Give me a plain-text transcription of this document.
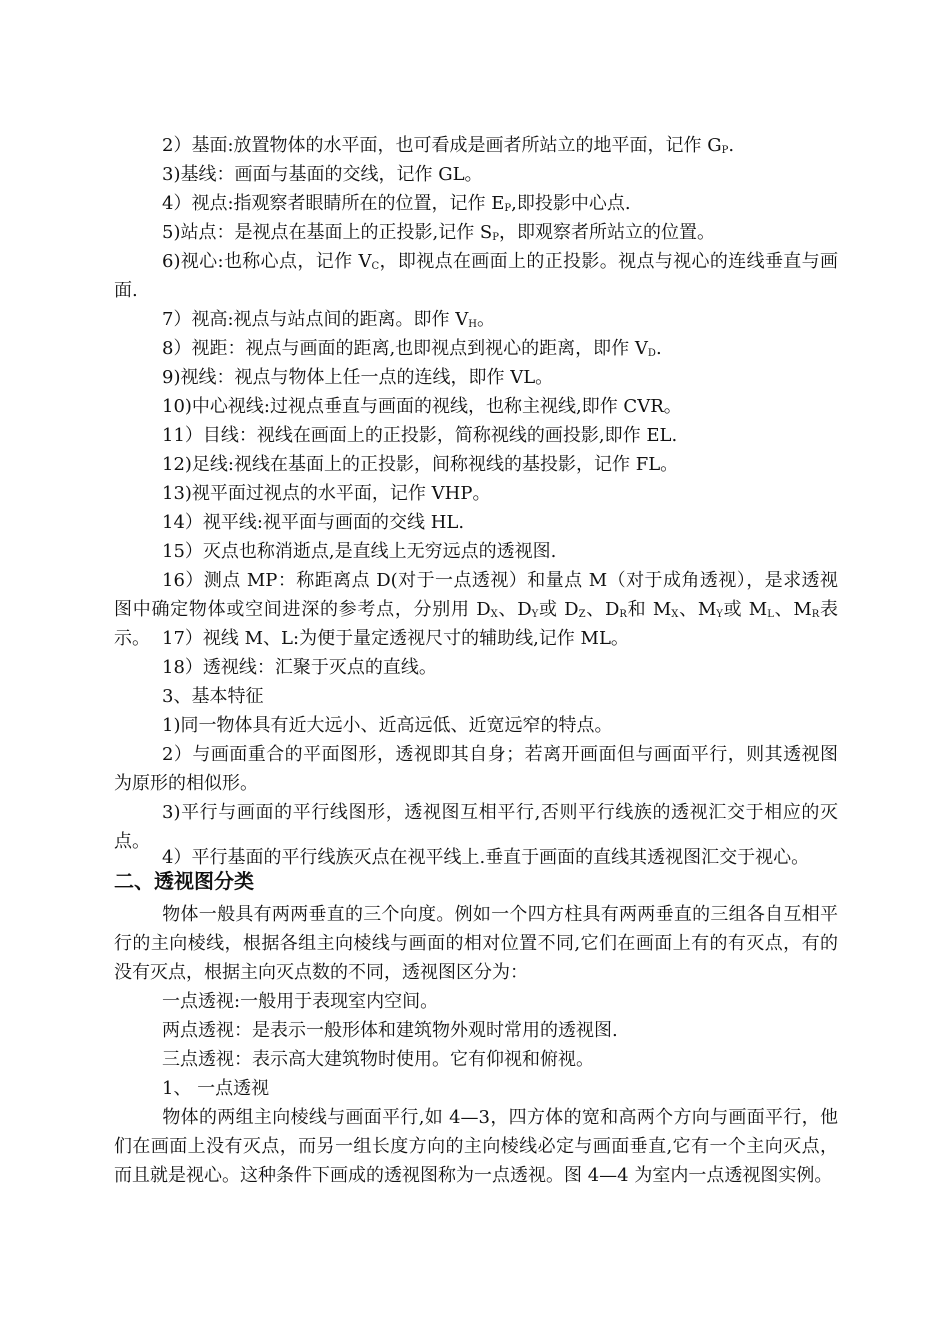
2）基面:放置物体的水平面，也可看成是画者所站立的地平面，记作 $G_P$.

3)基线：画面与基面的交线，记作 GL。

4）视点:指观察者眼睛所在的位置，记作 $E_P$,即投影中心点.

5)站点：是视点在基面上的正投影,记作 $S_P$，即观察者所站立的位置。

6)视心:也称心点，记作 $V_C$，即视点在画面上的正投影。视点与视心的连线垂直与画面.

7）视高:视点与站点间的距离。即作 $V_H$。

8）视距：视点与画面的距离,也即视点到视心的距离，即作 $V_D$.

9)视线：视点与物体上任一点的连线，即作 VL。

10)中心视线:过视点垂直与画面的视线，也称主视线,即作 CVR。

11）目线：视线在画面上的正投影，简称视线的画投影,即作 EL.

12)足线:视线在基面上的正投影，间称视线的基投影，记作 FL。

13)视平面过视点的水平面，记作 VHP。

14）视平线:视平面与画面的交线 HL.

15）灭点也称消逝点,是直线上无穷远点的透视图.

16）测点 MP：称距离点 D(对于一点透视）和量点 M（对于成角透视），是求透视图中确定物体或空间进深的参考点，分别用 $D_X$、$D_Y$或 $D_Z$、$D_R$和 $M_X$、$M_Y$或 $M_L$、$M_R$表示。 17）视线 M、L:为便于量定透视尺寸的辅助线,记作 ML。

18）透视线：汇聚于灭点的直线。

3、基本特征

1)同一物体具有近大远小、近高远低、近宽远窄的特点。

2）与画面重合的平面图形，透视即其自身；若离开画面但与画面平行，则其透视图为原形的相似形。

3)平行与画面的平行线图形，透视图互相平行,否则平行线族的透视汇交于相应的灭点。

4）平行基面的平行线族灭点在视平线上.垂直于画面的直线其透视图汇交于视心。

二、透视图分类

物体一般具有两两垂直的三个向度。例如一个四方柱具有两两垂直的三组各自互相平行的主向棱线，根据各组主向棱线与画面的相对位置不同,它们在画面上有的有灭点，有的没有灭点，根据主向灭点数的不同，透视图区分为：

一点透视:一般用于表现室内空间。

两点透视：是表示一般形体和建筑物外观时常用的透视图.

三点透视：表示高大建筑物时使用。它有仰视和俯视。

1、 一点透视

物体的两组主向棱线与画面平行,如 4—3，四方体的宽和高两个方向与画面平行，他们在画面上没有灭点，而另一组长度方向的主向棱线必定与画面垂直,它有一个主向灭点，而且就是视心。这种条件下画成的透视图称为一点透视。图 4—4 为室内一点透视图实例。
